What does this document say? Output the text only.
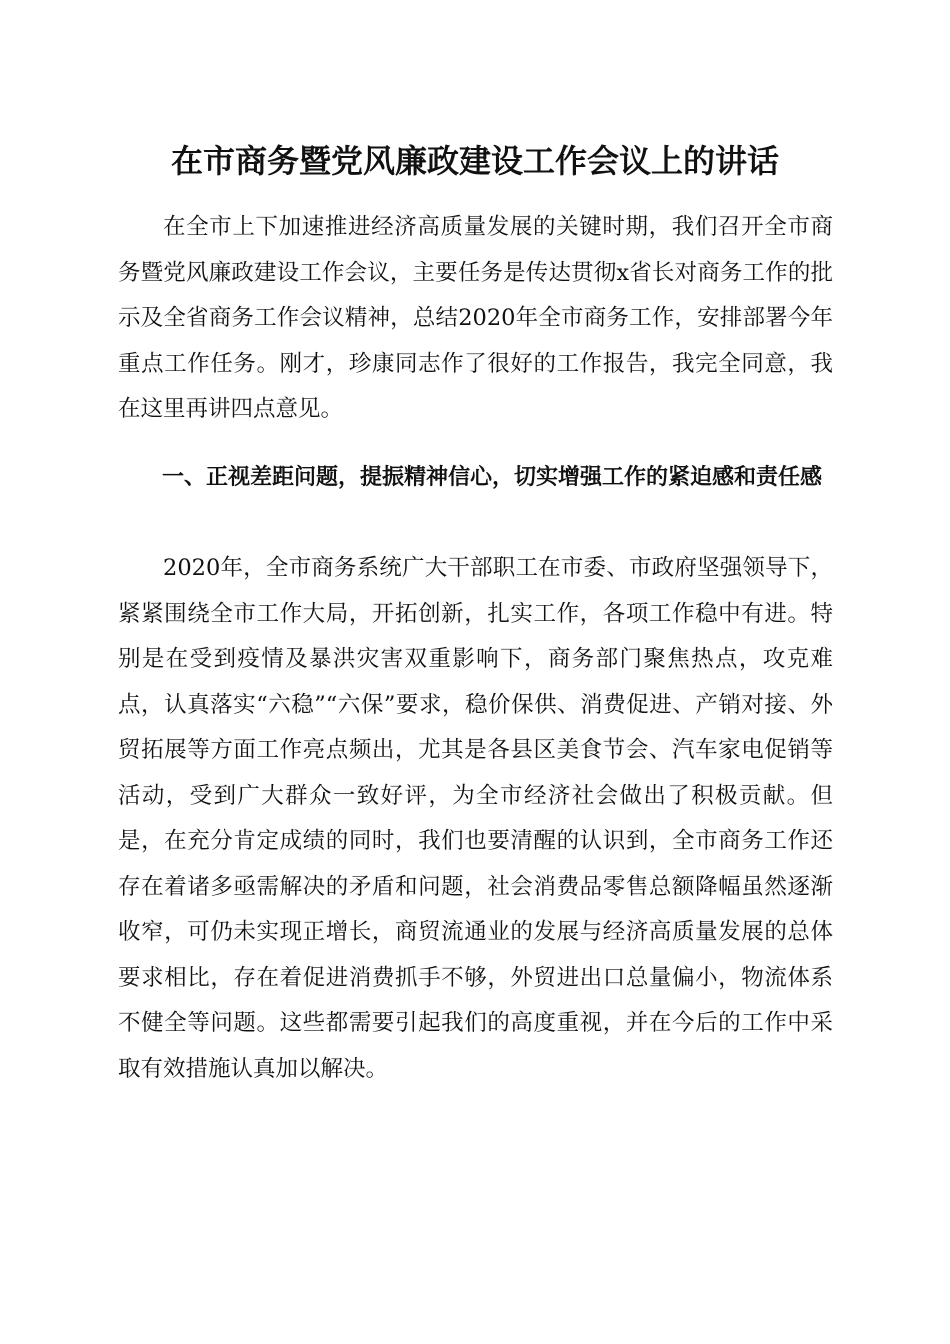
在市商务暨党风廉政建设工作会议上的讲话

在全市上下加速推进经济高质量发展的关键时期，我们召开全市商务暨党风廉政建设工作会议，主要任务是传达贯彻x省长对商务工作的批示及全省商务工作会议精神，总结2020年全市商务工作，安排部署今年重点工作任务。刚才，珍康同志作了很好的工作报告，我完全同意，我在这里再讲四点意见。

一、正视差距问题，提振精神信心，切实增强工作的紧迫感和责任感

2020年，全市商务系统广大干部职工在市委、市政府坚强领导下，紧紧围绕全市工作大局，开拓创新，扎实工作，各项工作稳中有进。特别是在受到疫情及暴洪灾害双重影响下，商务部门聚焦热点，攻克难点，认真落实“六稳”“六保”要求，稳价保供、消费促进、产销对接、外贸拓展等方面工作亮点频出，尤其是各县区美食节会、汽车家电促销等活动，受到广大群众一致好评，为全市经济社会做出了积极贡献。但是，在充分肯定成绩的同时，我们也要清醒的认识到，全市商务工作还存在着诸多亟需解决的矛盾和问题，社会消费品零售总额降幅虽然逐渐收窄，可仍未实现正增长，商贸流通业的发展与经济高质量发展的总体要求相比，存在着促进消费抓手不够，外贸进出口总量偏小，物流体系不健全等问题。这些都需要引起我们的高度重视，并在今后的工作中采取有效措施认真加以解决。
